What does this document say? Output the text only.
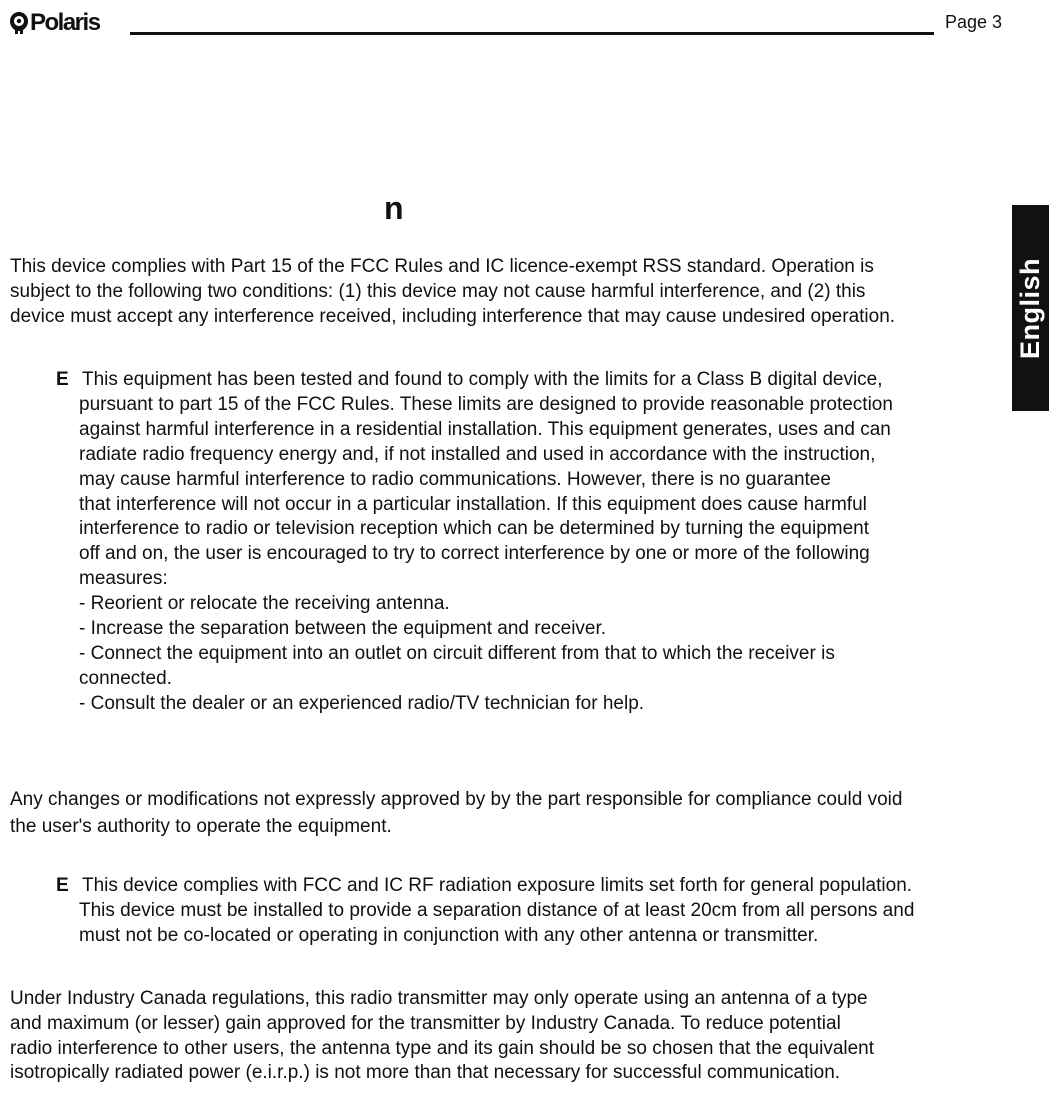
Polaris	Page 3
English
n

This device complies with Part 15 of the FCC Rules and IC licence-exempt RSS standard. Operation is

subject to the following two conditions: (1) this device may not cause harmful interference, and (2) this

device must accept any interference received, including interference that may cause undesired operation.

E This equipment has been tested and found to comply with the limits for a Class B digital device,

pursuant to part 15 of the FCC Rules. These limits are designed to provide reasonable protection

against harmful interference in a residential installation. This equipment generates, uses and can

radiate radio frequency energy and, if not installed and used in accordance with the instruction,

may cause harmful interference to radio communications. However, there is no guarantee

that interference will not occur in a particular installation. If this equipment does cause harmful

interference to radio or television reception which can be determined by turning the equipment

off and on, the user is encouraged to try to correct interference by one or more of the following

measures:

- Reorient or relocate the receiving antenna.

- Increase the separation between the equipment and receiver.

- Connect the equipment into an outlet on circuit different from that to which the receiver is

connected.

- Consult the dealer or an experienced radio/TV technician for help.

Any changes or modifications not expressly approved by by the part responsible for compliance could void

the user's authority to operate the equipment.

E This device complies with FCC and IC RF radiation exposure limits set forth for general population.

This device must be installed to provide a separation distance of at least 20cm from all persons and

must not be co-located or operating in conjunction with any other antenna or transmitter.

Under Industry Canada regulations, this radio transmitter may only operate using an antenna of a type

and maximum (or lesser) gain approved for the transmitter by Industry Canada. To reduce potential

radio interference to other users, the antenna type and its gain should be so chosen that the equivalent

isotropically radiated power (e.i.r.p.) is not more than that necessary for successful communication.
